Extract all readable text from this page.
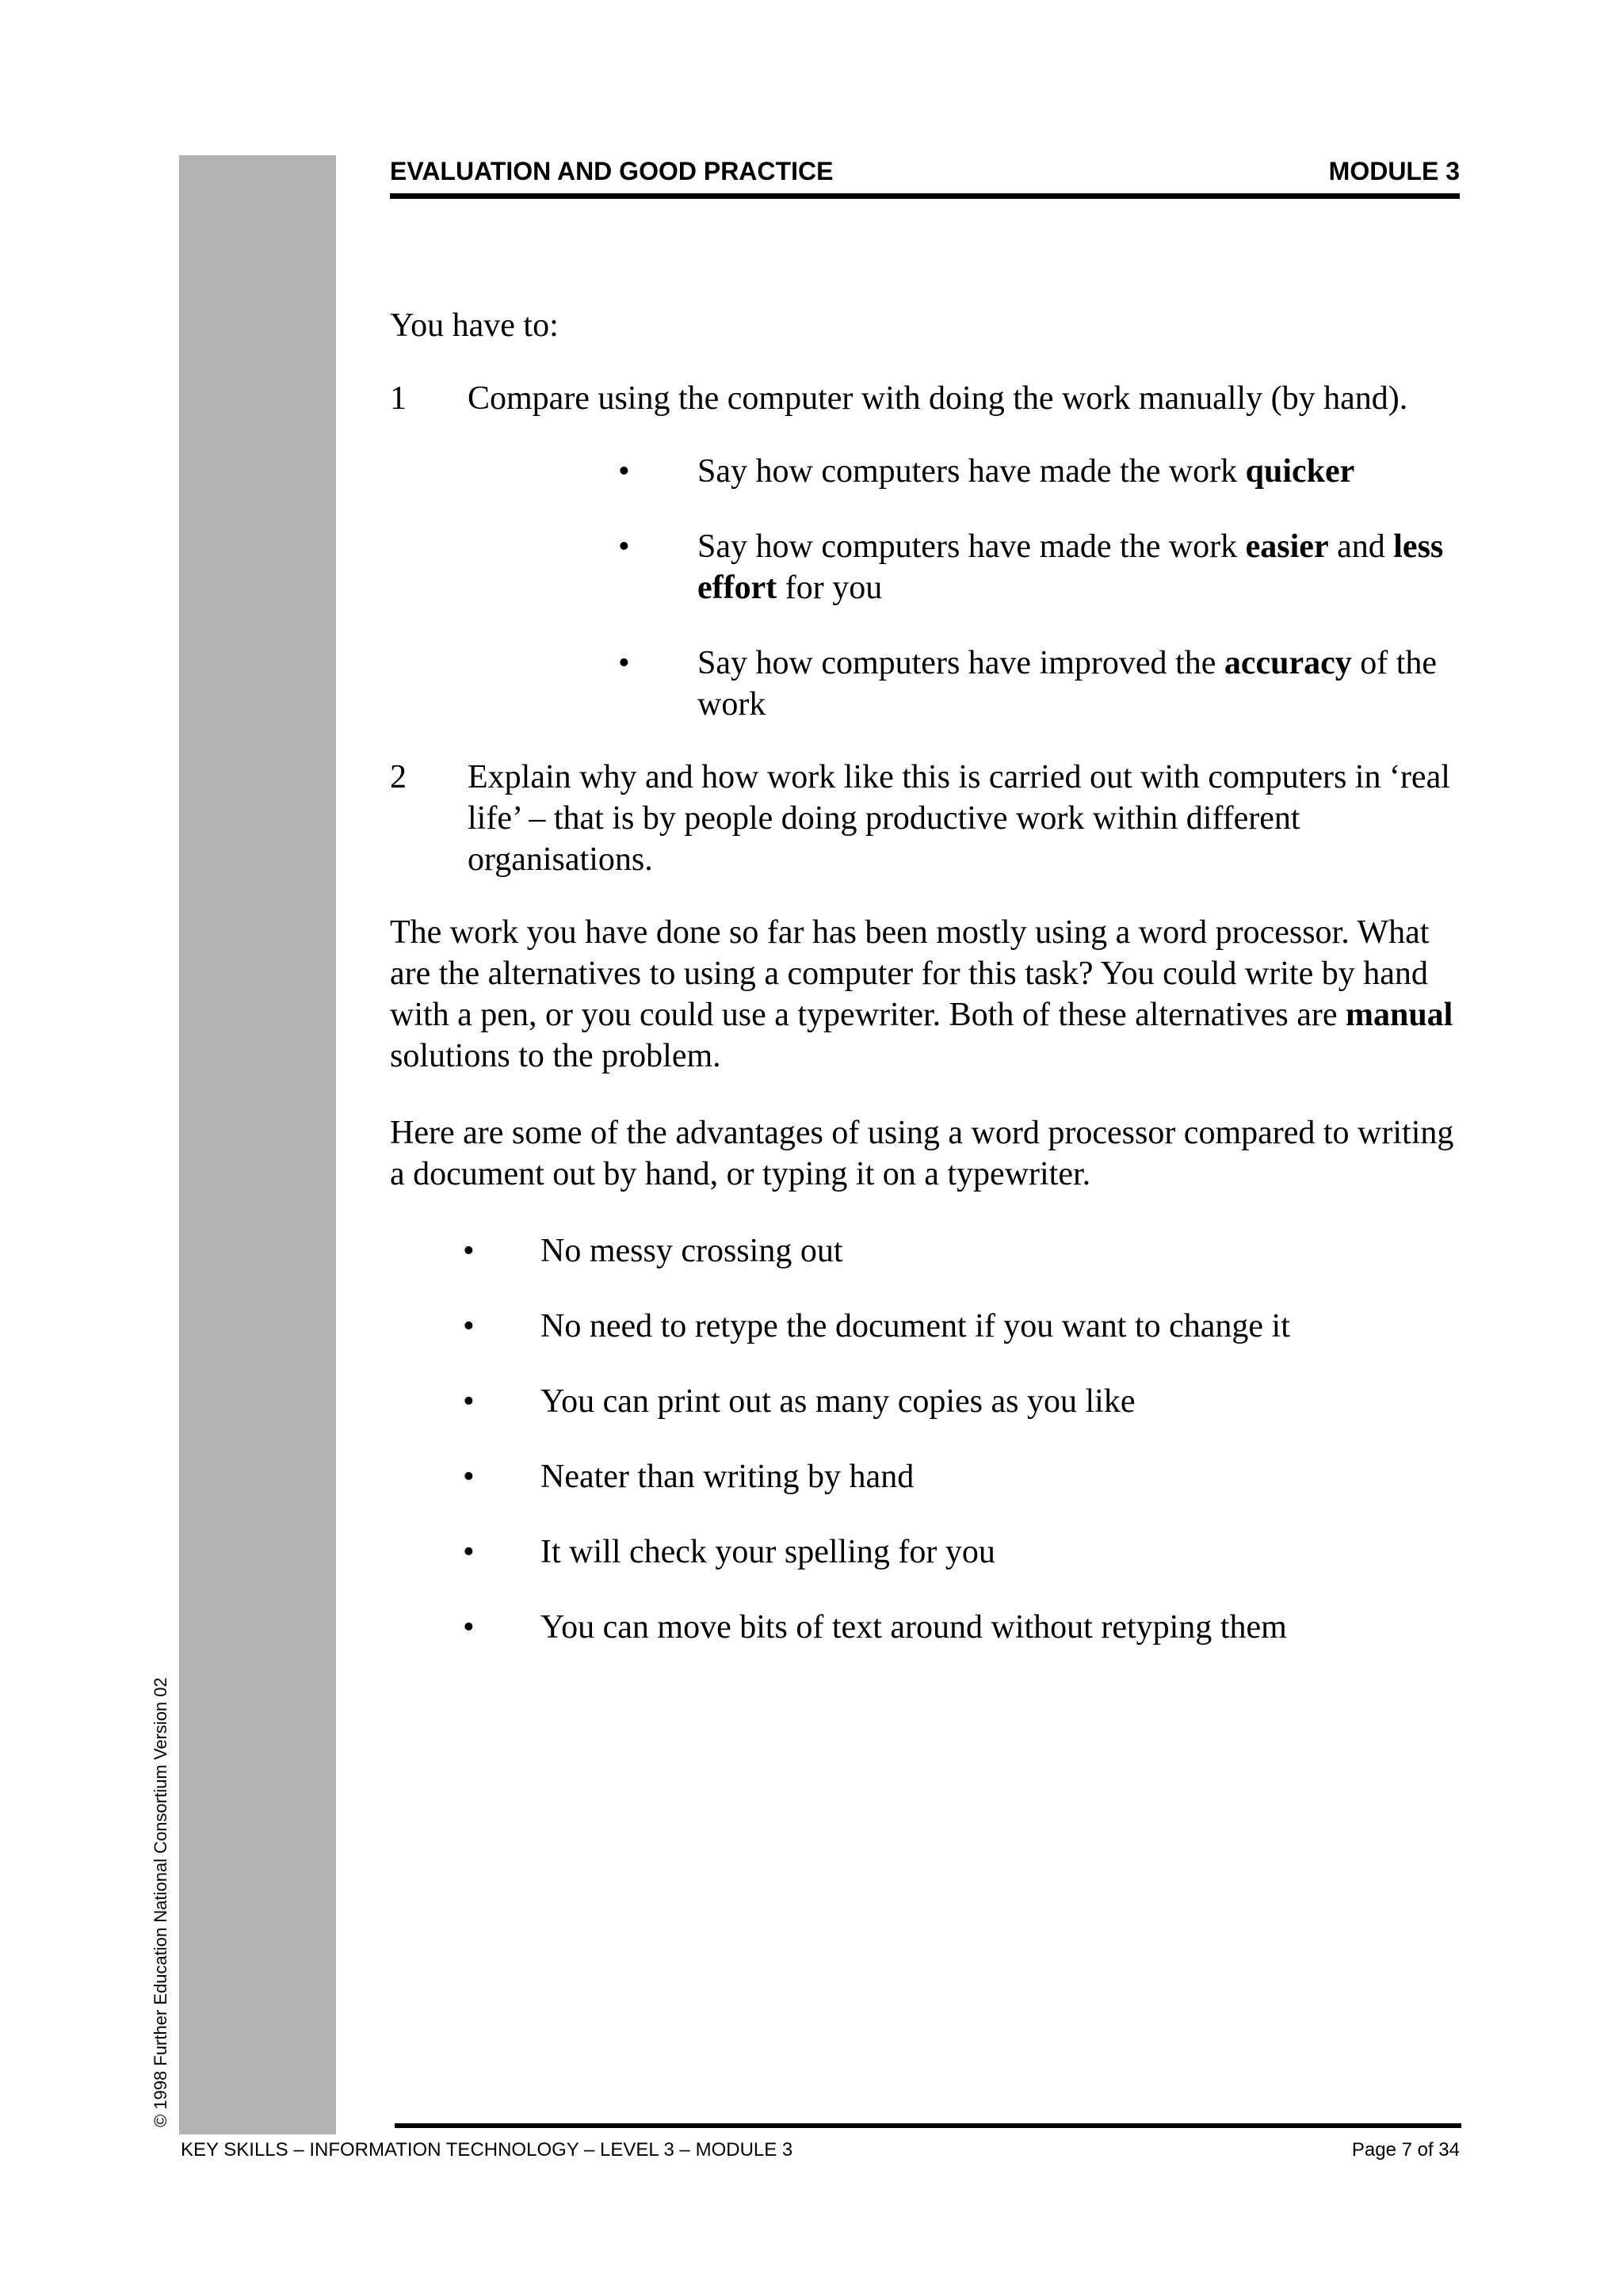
© 1998 Further Education National Consortium Version 02
EVALUATION AND GOOD PRACTICE	MODULE 3

You have to:

1	Compare using the computer with doing the work manually (by hand).
•	Say how computers have made the work quicker
•	Say how computers have made the work easier and less effort for you
•	Say how computers have improved the accuracy of the work
2	Explain why and how work like this is carried out with computers in ‘real life’ – that is by people doing productive work within different organisations.

The work you have done so far has been mostly using a word processor. What are the alternatives to using a computer for this task? You could write by hand with a pen, or you could use a typewriter. Both of these alternatives are manual solutions to the problem.

Here are some of the advantages of using a word processor compared to writing a document out by hand, or typing it on a typewriter.

•	No messy crossing out
•	No need to retype the document if you want to change it
•	You can print out as many copies as you like
•	Neater than writing by hand
•	It will check your spelling for you
•	You can move bits of text around without retyping them
KEY SKILLS – INFORMATION TECHNOLOGY – LEVEL 3 – MODULE 3	Page 7 of 34
